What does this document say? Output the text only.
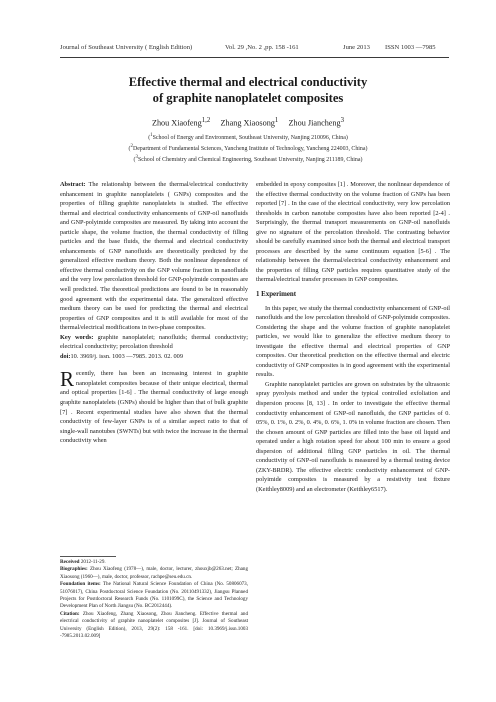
Journal of Southeast University ( English Edition)	Vol. 29 ,No. 2 ,pp. 158 -161	June 2013 ISSN 1003 —7985
Effective thermal and electrical conductivity
of graphite nanoplatelet composites
Zhou Xiaofeng$^{1,2}$ Zhang Xiaosong$^1$ Zhou Jiancheng$^3$
($^1$School of Energy and Environment, Southeast University, Nanjing 210096, China)
($^2$Department of Fundamental Sciences, Yancheng Institute of Technology, Yancheng 224003, China)
($^3$School of Chemistry and Chemical Engineering, Southeast University, Nanjing 211189, China)

Abstract: The relationship between the thermal/electrical conductivity enhancement in graphite nanoplatelets ( GNPs) composites and the properties of filling graphite nanoplatelets is studied. The effective thermal and electrical conductivity enhancements of GNP-oil nanofluids and GNP-polyimide composites are measured. By taking into account the particle shape, the volume fraction, the thermal conductivity of filling particles and the base fluids, the thermal and electrical conductivity enhancements of GNP nanofluids are theoretically predicted by the generalized effective medium theory. Both the nonlinear dependence of effective thermal conductivity on the GNP volume fraction in nanofluids and the very low percolation threshold for GNP-polyimide composites are well predicted. The theoretical predictions are found to be in reasonably good agreement with the experimental data. The generalized effective medium theory can be used for predicting the thermal and electrical properties of GNP composites and it is still available for most of the thermal/electrical modifications in two-phase composites.

Key words: graphite nanoplatelet; nanofluids; thermal conductivity; electrical conductivity; percolation threshold

doi:10. 3969/j. issn. 1003 —7985. 2013. 02. 009

Recently, there has been an increasing interest in graphite nanoplatelet composites because of their unique electrical, thermal and optical properties [1-6] . The thermal conductivity of large enough graphite nanoplatelets (GNPs) should be higher than that of bulk graphite [7] . Recent experimental studies have also shown that the thermal conductivity of few-layer GNPs is of a similar aspect ratio to that of single-wall nanotubes (SWNTs) but with twice the increase in the thermal conductivity when

embedded in epoxy composites [1] . Moreover, the nonlinear dependence of the effective thermal conductivity on the volume fraction of GNPs has been reported [7] . In the case of the electrical conductivity, very low percolation thresholds in carbon nanotube composites have also been reported [2-4] . Surprisingly, the thermal transport measurements on GNP-oil nanofluids give no signature of the percolation threshold. The contrasting behavior should be carefully examined since both the thermal and electrical transport processes are described by the same continuum equation [5-6] . The relationship between the thermal/electrical conductivity enhancement and the properties of filling GNP particles requires quantitative study of the thermal/electrical transfer processes in GNP composites.

1 Experiment

In this paper, we study the thermal conductivity enhancement of GNP-oil nanofluids and the low percolation threshold of GNP-polyimide composites. Considering the shape and the volume fraction of graphite nanoplatelet particles, we would like to generalize the effective medium theory to investigate the effective thermal and electrical properties of GNP composites. Our theoretical prediction on the effective thermal and electric conductivity of GNP composites is in good agreement with the experimental results.

Graphite nanoplatelet particles are grown on substrates by the ultrasonic spray pyrolysis method and under the typical controlled exfoliation and dispersion process [8, 13] . In order to investigate the effective thermal conductivity enhancement of GNP-oil nanofluids, the GNP particles of 0. 05%, 0. 1%, 0. 2%, 0. 4%, 0. 6%, 1. 0% in volume fraction are chosen. Then the chosen amount of GNP particles are filled into the base oil liquid and operated under a high rotation speed for about 100 min to ensure a good dispersion of additional filling GNP particles in oil. The thermal conductivity of GNP-oil nanofluids is measured by a thermal testing device (ZKY-BRDR). The effective electric conductivity enhancement of GNP-polyimide composites is measured by a resistivity test fixture (Keithley8009) and an electrometer (Keithley6517).

Received 2012-11-29.

Biographies: Zhou Xiaofeng (1978—), male, doctor, lecturer, zhouxjb@263.net; Zhang Xiaosong (1960—), male, doctor, professor, rachpe@seu.edu.cn.

Foundation items: The National Natural Science Foundation of China (No. 50806073, 51076017), China Postdoctoral Science Foundation (No. 20110491332), Jiangsu Planned Projects for Postdoctoral Research Funds (No. 1101099C), the Science and Technology Development Plan of North Jiangsu (No. BC2012444).

Citation: Zhou Xiaofeng, Zhang Xiaosong, Zhou Jiancheng. Effective thermal and electrical conductivity of graphite nanoplatelet composites [J]. Journal of Southeast University (English Edition), 2013, 29(2): 158 -161. [doi: 10.3969/j.issn.1003 -7985.2013.02.009]
